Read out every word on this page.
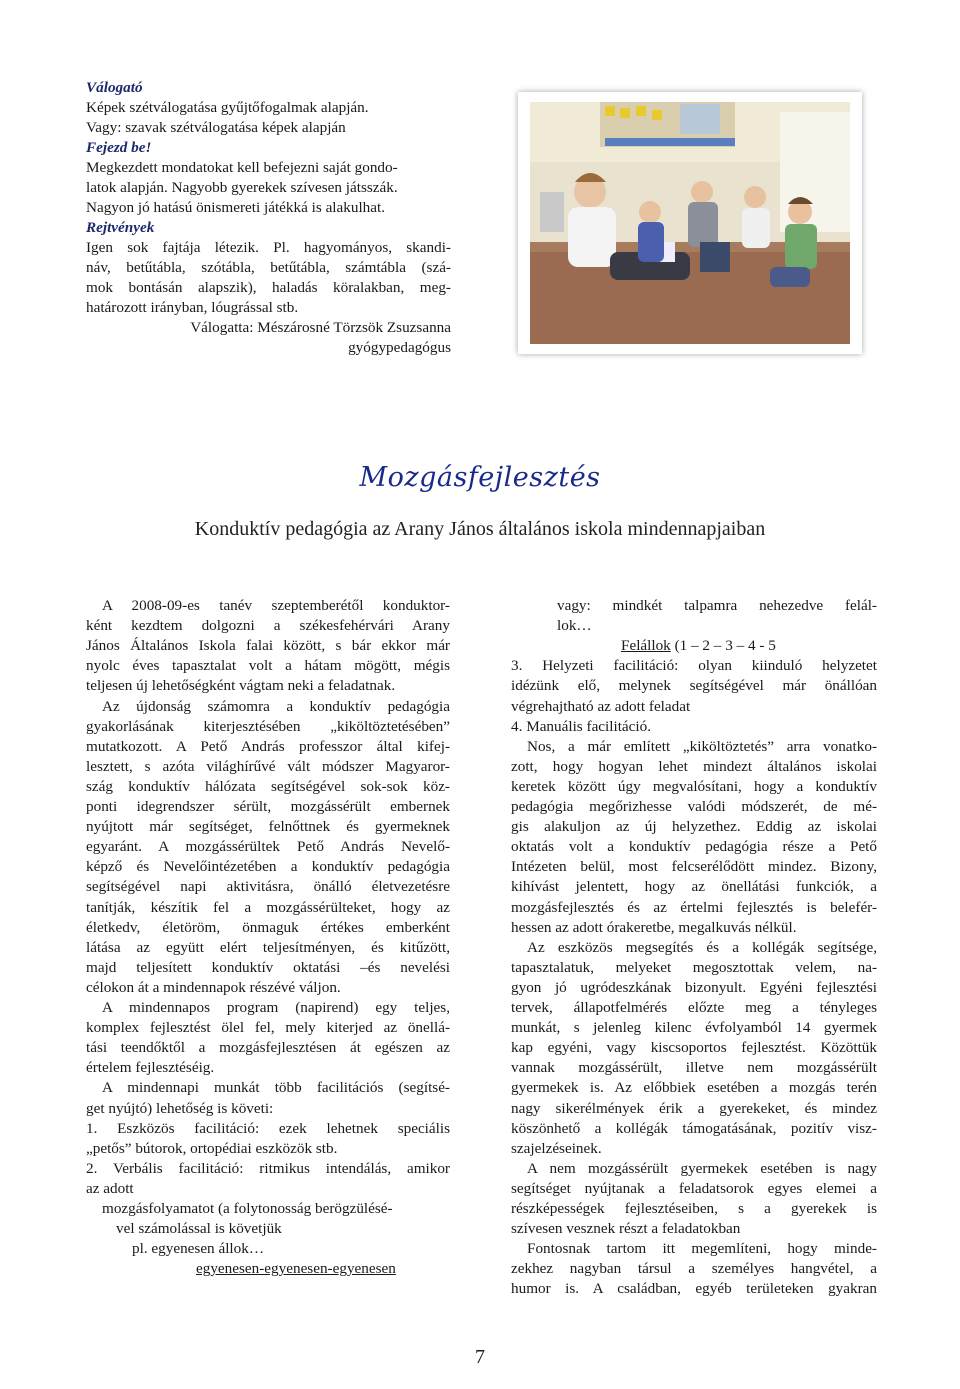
Válogató
Képek szétválogatása gyűjtőfogalmak alapján.
Vagy: szavak szétválogatása képek alapján
Fejezd be!
Megkezdett mondatokat kell befejezni saját gondo-
latok alapján. Nagyobb gyerekek szívesen játsszák.
Nagyon jó hatású önismereti játékká is alakulhat.
Rejtvények
Igen sok fajtája létezik. Pl. hagyományos, skandi-
náv, betűtábla, szótábla, betűtábla, számtábla (szá-
mok bontásán alapszik), haladás köralakban, meg-
határozott irányban, lóugrással stb.
Válogatta: Mészárosné Törzsök Zsuzsanna
gyógypedagógus
Mozgásfejlesztés
Konduktív pedagógia az Arany János általános iskola mindennapjaiban
A 2008-09-es tanév szeptemberétől konduktor-
ként kezdtem dolgozni a székesfehérvári Arany
János Általános Iskola falai között, s bár ekkor már
nyolc éves tapasztalat volt a hátam mögött, mégis
teljesen új lehetőségként vágtam neki a feladatnak.
Az újdonság számomra a konduktív pedagógia
gyakorlásának kiterjesztésében „kiköltöztetésében”
mutatkozott. A Pető András professzor által kifej-
lesztett, s azóta világhírűvé vált módszer Magyaror-
szág konduktív hálózata segítségével sok-sok köz-
ponti idegrendszer sérült, mozgássérült embernek
nyújtott már segítséget, felnőttnek és gyermeknek
egyaránt. A mozgássérültek Pető András Nevelő-
képző és Nevelőintézetében a konduktív pedagógia
segítségével napi aktivitásra, önálló életvezetésre
tanítják, készítik fel a mozgássérülteket, hogy az
életkedv, életöröm, önmaguk értékes emberként
látása az együtt elért teljesítményen, és kitűzött,
majd teljesített konduktív oktatási –és nevelési
célokon át a mindennapok részévé váljon.
A mindennapos program (napirend) egy teljes,
komplex fejlesztést ölel fel, mely kiterjed az önellá-
tási teendőktől a mozgásfejlesztésen át egészen az
értelem fejlesztéséig.
A mindennapi munkát több facilitációs (segítsé-
get nyújtó) lehetőség is követi:
1. Eszközös facilitáció: ezek lehetnek speciális
„petős” bútorok, ortopédiai eszközök stb.
2. Verbális facilitáció: ritmikus intendálás, amikor
az adott
mozgásfolyamatot (a folytonosság berögzülésé-
vel számolással is követjük
pl. egyenesen állok…
egyenesen-egyenesen-egyenesen
vagy: mindkét talpamra nehezedve felál-
lok…
Felállok (1 – 2 – 3 – 4 - 5
3. Helyzeti facilitáció: olyan kiinduló helyzetet
idézünk elő, melynek segítségével már önállóan
végrehajtható az adott feladat
4. Manuális facilitáció.
Nos, a már említett „kiköltöztetés” arra vonatko-
zott, hogy hogyan lehet mindezt általános iskolai
keretek között úgy megvalósítani, hogy a konduktív
pedagógia megőrizhesse valódi módszerét, de mé-
gis alakuljon az új helyzethez. Eddig az iskolai
oktatás volt a konduktív pedagógia része a Pető
Intézeten belül, most felcserélődött mindez. Bizony,
kihívást jelentett, hogy az önellátási funkciók, a
mozgásfejlesztés és az értelmi fejlesztés is belefér-
hessen az adott órakeretbe, megalkuvás nélkül.
Az eszközös megsegítés és a kollégák segítsége,
tapasztalatuk, melyeket megosztottak velem, na-
gyon jó ugródeszkának bizonyult. Egyéni fejlesztési
tervek, állapotfelmérés előzte meg a tényleges
munkát, s jelenleg kilenc évfolyamból 14 gyermek
kap egyéni, vagy kiscsoportos fejlesztést. Közöttük
vannak mozgássérült, illetve nem mozgássérült
gyermekek is. Az előbbiek esetében a mozgás terén
nagy sikerélmények érik a gyerekeket, és mindez
köszönhető a kollégák támogatásának, pozitív visz-
szajelzéseinek.
A nem mozgássérült gyermekek esetében is nagy
segítséget nyújtanak a feladatsorok egyes elemei a
részképességek fejlesztéseiben, s a gyerekek is
szívesen vesznek részt a feladatokban
Fontosnak tartom itt megemlíteni, hogy minde-
zekhez nagyban társul a személyes hangvétel, a
humor is. A családban, egyéb területeken gyakran
7
